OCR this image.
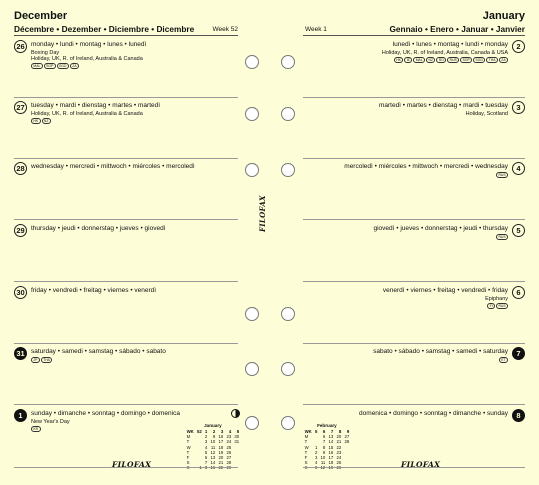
December
Décembre • Dezember • Diciembre • Dicembre	Week 52
26 monday • lundi • montag • lunes • lunedì
Boxing Day
Holiday, UK, R. of Ireland, Australia & Canada
MAL	SGP	SGD	ZA
27 tuesday • mardi • dienstag • martes • martedì
Holiday, UK, R. of Ireland, Australia & Canada
HK	NZ
28 wednesday • mercredi • mittwoch • miércoles • mercoledì
29 thursday • jeudi • donnerstag • jueves • giovedì
30 friday • vendredi • freitag • viernes • venerdì
31 saturday • samedi • samstag • sábado • sabato
JP	THA
1	sunday • dimanche • sonntag • domingo • domenica
New Year's Day
KR
January
WK	52	1	2	3	4	5
M		2	9	16	23	30
T		3	10	17	24	31
W		4	11	18	25	
T		5	12	19	26	
F		6	13	20	27	
S		7	14	21	28	
S	1	8	15	22	29	
FILOFAX
FILOFAX
Week 1
January
Gennaio • Enero • Januar • Janvier
2
lunedì • lunes • montag • lundi • monday
Holiday, UK, R. of Ireland, Australia, Canada & USA
HK	IE	MAL	NZ	RO	RUS	SGP	SGD	THA	ZA
3
martedì • martes • dienstag • mardi • tuesday
Holiday, Scotland
4
mercoledì • miércoles • mittwoch • mercredi • wednesday
RUS
5
giovedì • jueves • donnerstag • jeudi • thursday
RUS
6
venerdì • viernes • freitag • vendredi • friday
Epiphany
FI	RUS
7
sabato • sábado • samstag • samedi • saturday
ET
8
domenica • domingo • sonntag • dimanche • sunday
February
WK	5	6	7	8	9
M		6	13	20	27
T		7	14	21	28
W	1	8	15	22	
T	2	9	16	23	
F	3	10	17	24	
S	4	11	18	25	
S	5	12	19	26		FILOFAX
